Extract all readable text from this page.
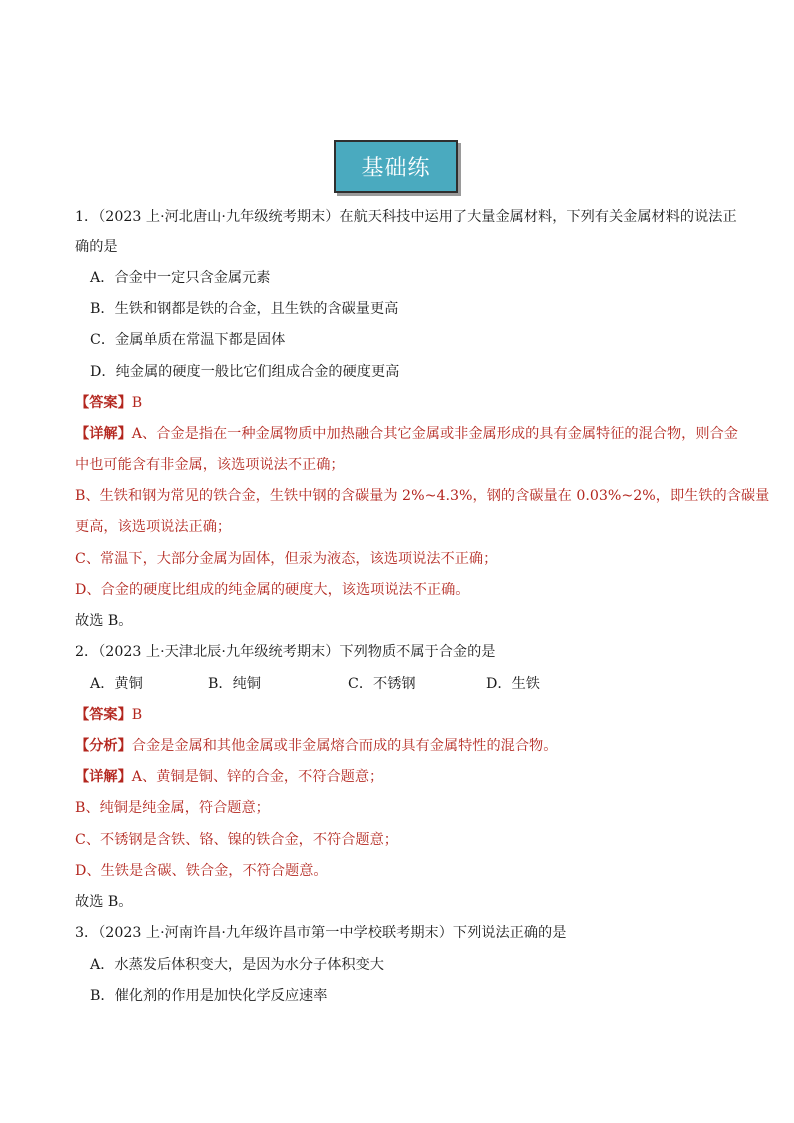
基础练
1．（2023 上·河北唐山·九年级统考期末）在航天科技中运用了大量金属材料，下列有关金属材料的说法正
确的是
A．合金中一定只含金属元素
B．生铁和钢都是铁的合金，且生铁的含碳量更高
C．金属单质在常温下都是固体
D．纯金属的硬度一般比它们组成合金的硬度更高
【答案】B
【详解】A、合金是指在一种金属物质中加热融合其它金属或非金属形成的具有金属特征的混合物，则合金
中也可能含有非金属，该选项说法不正确；
B、生铁和钢为常见的铁合金，生铁中钢的含碳量为 2%~4.3%，钢的含碳量在 0.03%~2%，即生铁的含碳量
更高，该选项说法正确；
C、常温下，大部分金属为固体，但汞为液态，该选项说法不正确；
D、合金的硬度比组成的纯金属的硬度大，该选项说法不正确。
故选 B。
2．（2023 上·天津北辰·九年级统考期末）下列物质不属于合金的是
A．黄铜	B．纯铜	C．不锈钢	D．生铁
【答案】B
【分析】合金是金属和其他金属或非金属熔合而成的具有金属特性的混合物。
【详解】A、黄铜是铜、锌的合金，不符合题意；
B、纯铜是纯金属，符合题意；
C、不锈钢是含铁、铬、镍的铁合金，不符合题意；
D、生铁是含碳、铁合金，不符合题意。
故选 B。
3．（2023 上·河南许昌·九年级许昌市第一中学校联考期末）下列说法正确的是
A．水蒸发后体积变大，是因为水分子体积变大
B．催化剂的作用是加快化学反应速率
